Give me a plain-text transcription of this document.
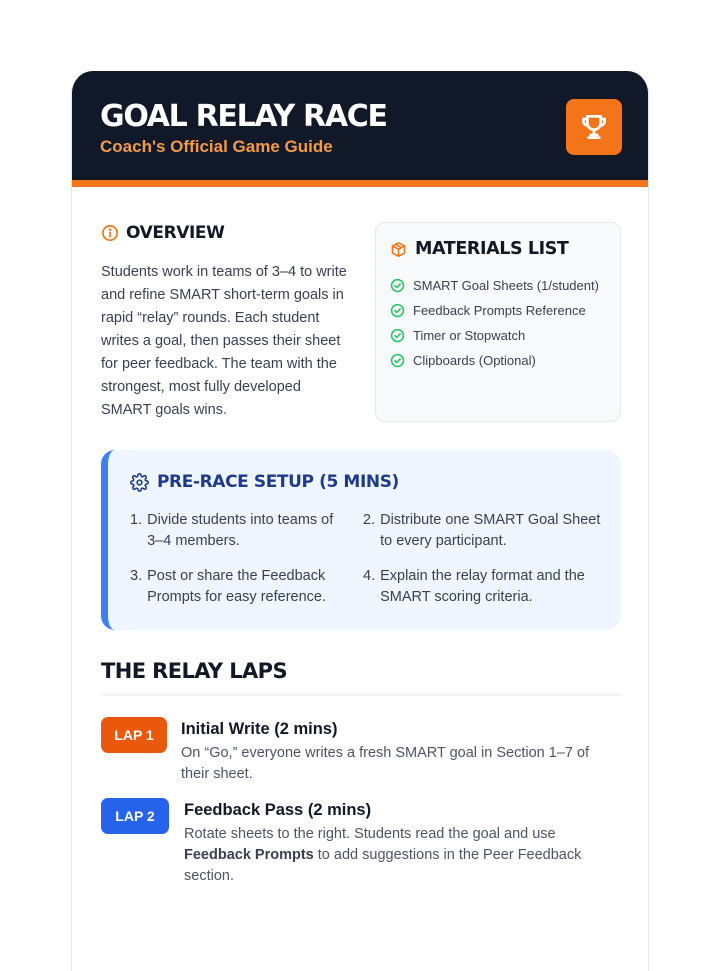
GOAL RELAY RACE
Coach's Official Game Guide
OVERVIEW

Students work in teams of 3–4 to write and refine SMART short-term goals in rapid “relay” rounds. Each student writes a goal, then passes their sheet for peer feedback. The team with the strongest, most fully developed SMART goals wins.

MATERIALS LIST
SMART Goal Sheets (1/student)
Feedback Prompts Reference
Timer or Stopwatch
Clipboards (Optional)
PRE-RACE SETUP (5 MINS)
1. Divide students into teams of 3–4 members.
2. Distribute one SMART Goal Sheet to every participant.
3. Post or share the Feedback Prompts for easy reference.
4. Explain the relay format and the SMART scoring criteria.
THE RELAY LAPS
LAP 1	Initial Write (2 mins)
On “Go,” everyone writes a fresh SMART goal in Section 1–7 of their sheet.
LAP 2	Feedback Pass (2 mins)
Rotate sheets to the right. Students read the goal and use Feedback Prompts to add suggestions in the Peer Feedback section.
